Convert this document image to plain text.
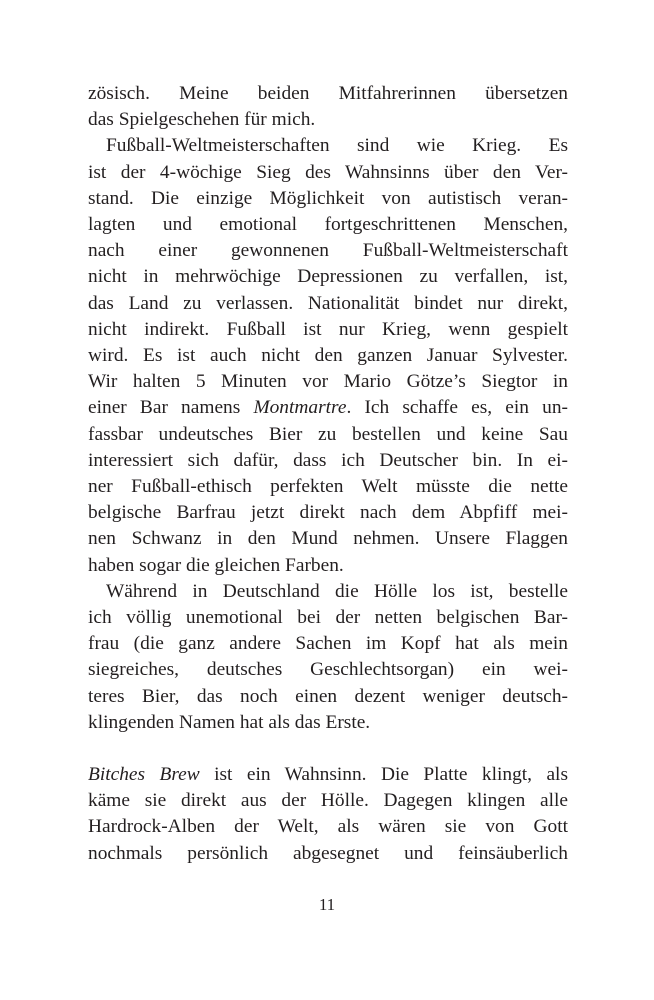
zösisch. Meine beiden Mitfahrerinnen übersetzen
das Spielgeschehen für mich.
Fußball-Weltmeisterschaften sind wie Krieg. Es
ist der 4-wöchige Sieg des Wahnsinns über den Ver-
stand. Die einzige Möglichkeit von autistisch veran-
lagten und emotional fortgeschrittenen Menschen,
nach einer gewonnenen Fußball-Weltmeisterschaft
nicht in mehrwöchige Depressionen zu verfallen, ist,
das Land zu verlassen. Nationalität bindet nur direkt,
nicht indirekt. Fußball ist nur Krieg, wenn gespielt
wird. Es ist auch nicht den ganzen Januar Sylvester.
Wir halten 5 Minuten vor Mario Götze’s Siegtor in
einer Bar namens Montmartre. Ich schaffe es, ein un-
fassbar undeutsches Bier zu bestellen und keine Sau
interessiert sich dafür, dass ich Deutscher bin. In ei-
ner Fußball-ethisch perfekten Welt müsste die nette
belgische Barfrau jetzt direkt nach dem Abpfiff mei-
nen Schwanz in den Mund nehmen. Unsere Flaggen
haben sogar die gleichen Farben.
Während in Deutschland die Hölle los ist, bestelle
ich völlig unemotional bei der netten belgischen Bar-
frau (die ganz andere Sachen im Kopf hat als mein
siegreiches, deutsches Geschlechtsorgan) ein wei-
teres Bier, das noch einen dezent weniger deutsch-
klingenden Namen hat als das Erste.
Bitches Brew ist ein Wahnsinn. Die Platte klingt, als
käme sie direkt aus der Hölle. Dagegen klingen alle
Hardrock-Alben der Welt, als wären sie von Gott
nochmals persönlich abgesegnet und feinsäuberlich
11
